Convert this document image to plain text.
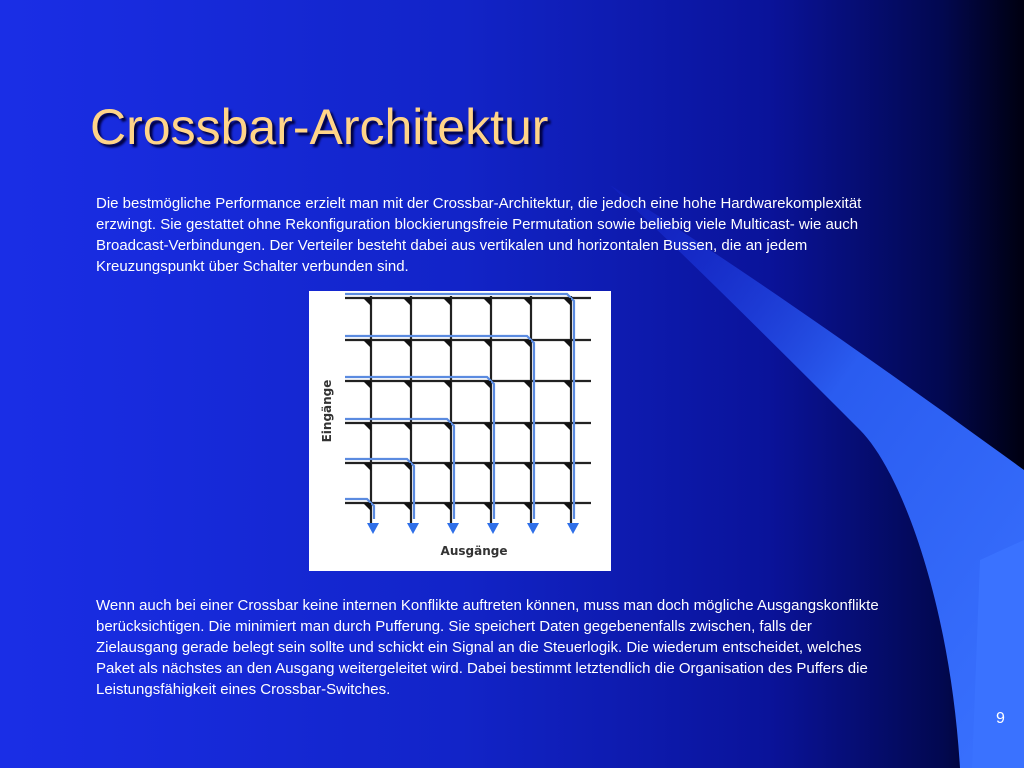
Crossbar-Architektur
Die bestmögliche Performance erzielt man mit der Crossbar-Architektur, die jedoch eine hohe Hardwarekomplexität erzwingt. Sie gestattet ohne Rekonfiguration blockierungsfreie Permutation sowie beliebig viele Multicast- wie auch Broadcast-Verbindungen. Der Verteiler besteht dabei aus vertikalen und horizontalen Bussen, die an jedem Kreuzungspunkt über Schalter verbunden sind.
Eingänge
Ausgänge
Wenn auch bei einer Crossbar keine internen Konflikte auftreten können, muss man doch mögliche Ausgangskonflikte berücksichtigen. Die minimiert man durch Pufferung. Sie speichert Daten gegebenenfalls zwischen, falls der Zielausgang gerade belegt sein sollte und schickt ein Signal an die Steuerlogik. Die wiederum entscheidet, welches Paket als nächstes an den Ausgang weitergeleitet wird. Dabei bestimmt letztendlich die Organisation des Puffers die Leistungsfähigkeit eines Crossbar-Switches.
9
